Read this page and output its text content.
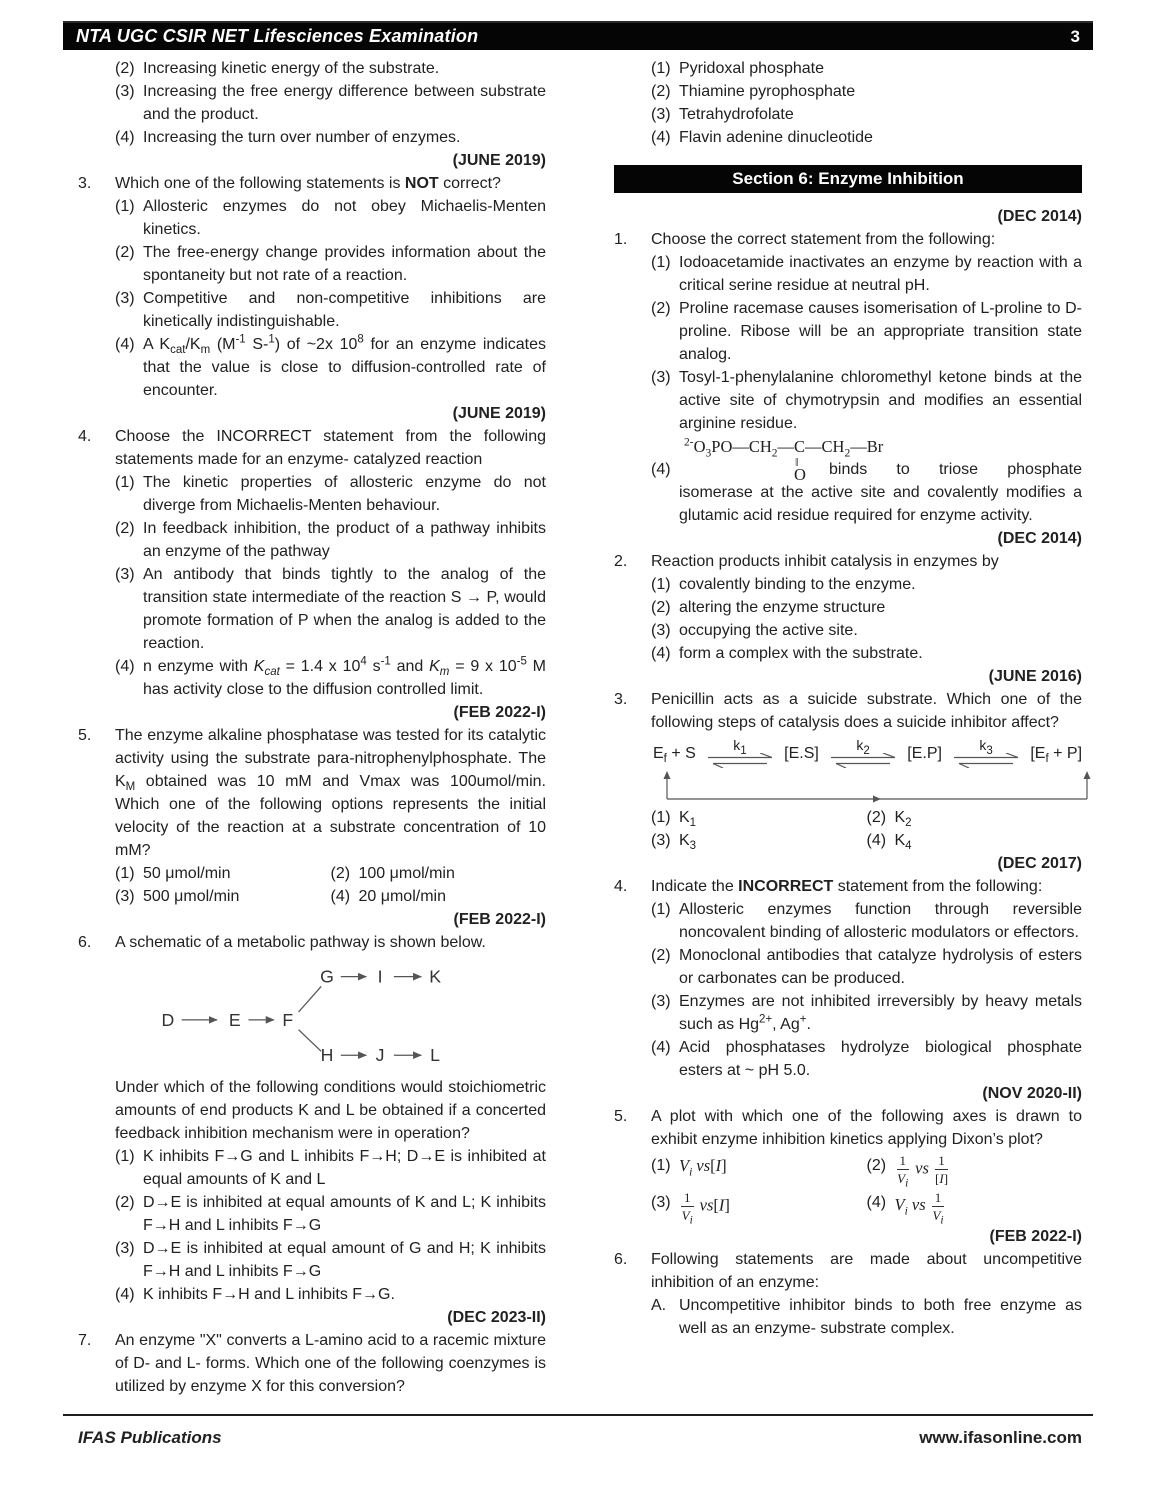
NTA UGC CSIR NET Lifesciences Examination	3
(2) Increasing kinetic energy of the substrate.
(3) Increasing the free energy difference between substrate and the product.
(4) Increasing the turn over number of enzymes.
(JUNE 2019)
3.	Which one of the following statements is NOT correct?
(1) Allosteric enzymes do not obey Michaelis-Menten kinetics.
(2) The free-energy change provides information about the spontaneity but not rate of a reaction.
(3) Competitive and non-competitive inhibitions are kinetically indistinguishable.
(4) A $K_{cat}/K_m$ ($M^{-1}$ S-$^1$) of ~2x $10^8$ for an enzyme indicates that the value is close to diffusion-controlled rate of encounter.
(JUNE 2019)
4.	Choose the INCORRECT statement from the following statements made for an enzyme- catalyzed reaction
(1) The kinetic properties of allosteric enzyme do not diverge from Michaelis-Menten behaviour.
(2) In feedback inhibition, the product of a pathway inhibits an enzyme of the pathway
(3) An antibody that binds tightly to the analog of the transition state intermediate of the reaction S → P, would promote formation of P when the analog is added to the reaction.
(4) n enzyme with $K_{cat} = 1.4$ x $10^4$ $s^{-1}$ and $K_m = 9$ x $10^{-5}$ M has activity close to the diffusion controlled limit.
(FEB 2022-I)
5.	The enzyme alkaline phosphatase was tested for its catalytic activity using the substrate para-nitrophenylphosphate. The $K_M$ obtained was 10 mM and Vmax was 100umol/min. Which one of the following options represents the initial velocity of the reaction at a substrate concentration of 10 mM?
(1) 50 μmol/min	(2) 100 μmol/min
(3) 500 μmol/min	(4) 20 μmol/min
(FEB 2022-I)
6.	A schematic of a metabolic pathway is shown below.
D	E F
G I	K
H J	L
Under which of the following conditions would stoichiometric amounts of end products K and L be obtained if a concerted feedback inhibition mechanism were in operation?
(1) K inhibits F→G and L inhibits F→H; D→E is inhibited at equal amounts of K and L
(2) D→E is inhibited at equal amounts of K and L; K inhibits F→H and L inhibits F→G
(3) D→E is inhibited at equal amount of G and H; K inhibits F→H and L inhibits F→G
(4) K inhibits F→H and L inhibits F→G.
(DEC 2023-II)
7.	An enzyme "X" converts a L-amino acid to a racemic mixture of D- and L- forms. Which one of the following coenzymes is utilized by enzyme X for this conversion?
(1) Pyridoxal phosphate
(2) Thiamine pyrophosphate
(3) Tetrahydrofolate
(4) Flavin adenine dinucleotide
Section 6: Enzyme Inhibition
(DEC 2014)
1.	Choose the correct statement from the following:
(1) Iodoacetamide inactivates an enzyme by reaction with a critical serine residue at neutral pH.
(2) Proline racemase causes isomerisation of L-proline to D-proline. Ribose will be an appropriate transition state analog.
(3) Tosyl-1-phenylalanine chloromethyl ketone binds at the active site of chymotrypsin and modifies an essential arginine residue.
$^{2-}O_3PO—CH_2—C$
‖
O
$—CH_2—Br$
(4)	binds to triose phosphate
isomerase at the active site and covalently modifies a glutamic acid residue required for enzyme activity.
(DEC 2014)
2.	Reaction products inhibit catalysis in enzymes by
(1) covalently binding to the enzyme.
(2) altering the enzyme structure
(3) occupying the active site.
(4) form a complex with the substrate.
(JUNE 2016)
3.	Penicillin acts as a suicide substrate. Which one of the following steps of catalysis does a suicide inhibitor affect?
$E_f + S$	$k_1$ [E.S]	$k_2$ [E.P]	$k_3$ $[E_f + P]$
(1) $K_1$	(2) $K_2$
(3) $K_3$	(4) $K_4$
(DEC 2017)
4.	Indicate the INCORRECT statement from the following:
(1) Allosteric enzymes function through reversible noncovalent binding of allosteric modulators or effectors.
(2) Monoclonal antibodies that catalyze hydrolysis of esters or carbonates can be produced.
(3) Enzymes are not inhibited irreversibly by heavy metals such as $Hg^{2+}$, Ag+.
(4) Acid phosphatases hydrolyze biological phosphate esters at ~ pH 5.0.
(NOV 2020-II)
5.	A plot with which one of the following axes is drawn to exhibit enzyme inhibition kinetics applying Dixon’s plot?
(1) $V_i$ vs[I]	$(2) \frac{1}{V_i}$ vs $\frac{1}{[I]}$
$(3) \frac{1}{V_i} vs[I]$	(4) $V_i$ vs $\frac{1}{V_i}$
(FEB 2022-I)
6.	Following statements are made about uncompetitive inhibition of an enzyme:
A. Uncompetitive inhibitor binds to both free enzyme as well as an enzyme- substrate complex.
IFAS Publications	www.ifasonline.com
